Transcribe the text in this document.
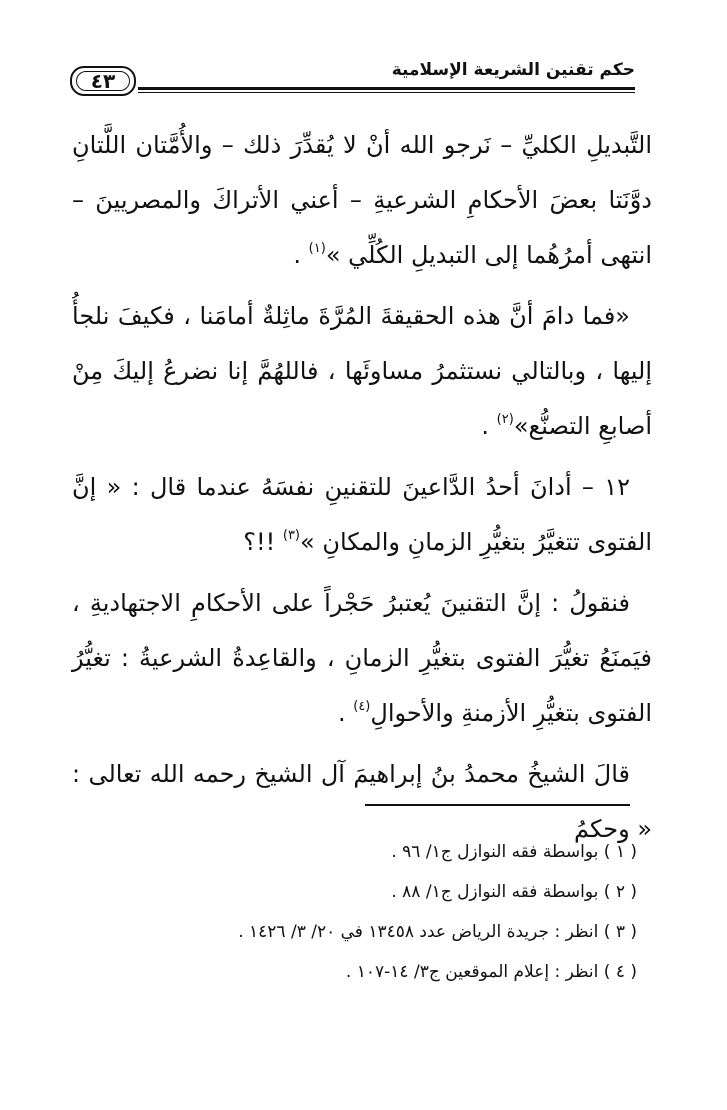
حكم تقنين الشريعة الإسلامية
٤٣

التَّبديلِ الكليِّ – نَرجو الله أنْ لا يُقدِّرَ ذلك – والأُمَّتان اللَّتانِ دوَّنَتا بعضَ الأحكامِ الشرعيةِ – أعني الأتراكَ والمصريينَ – انتهى أمرُهُما إلى التبديلِ الكُلِّي »$^{(١)}$ .

«فما دامَ أنَّ هذه الحقيقةَ المُرَّةَ ماثِلةٌ أمامَنا ، فكيفَ نلجأُ إليها ، وبالتالي نستثمرُ مساوئَها ، فاللهُمَّ إنا نضرعُ إليكَ مِنْ أصابعِ التصنُّع»$^{(٢)}$ .

١٢ – أدانَ أحدُ الدَّاعينَ للتقنينِ نفسَهُ عندما قال : « إنَّ الفتوى تتغيَّرُ بتغيُّرِ الزمانِ والمكانِ »$^{(٣)}$ !!؟

فنقولُ : إنَّ التقنينَ يُعتبرُ حَجْراً على الأحكامِ الاجتهاديةِ ، فيَمنَعُ تغيُّرَ الفتوى بتغيُّرِ الزمانِ ، والقاعِدةُ الشرعيةُ : تغيُّرُ الفتوى بتغيُّرِ الأزمنةِ والأحوالِ$^{(٤)}$ .

قالَ الشيخُ محمدُ بنُ إبراهيمَ آل الشيخ رحمه الله تعالى : « وحكمُ

( ١ ) بواسطة فقه النوازل ج١/ ٩٦ .
( ٢ ) بواسطة فقه النوازل ج١/ ٨٨ .
( ٣ ) انظر : جريدة الرياض عدد ١٣٤٥٨ في ٢٠/ ٣/ ١٤٢٦ .
( ٤ ) انظر : إعلام الموقعين ج٣/ ١٤-١٠٧ .
